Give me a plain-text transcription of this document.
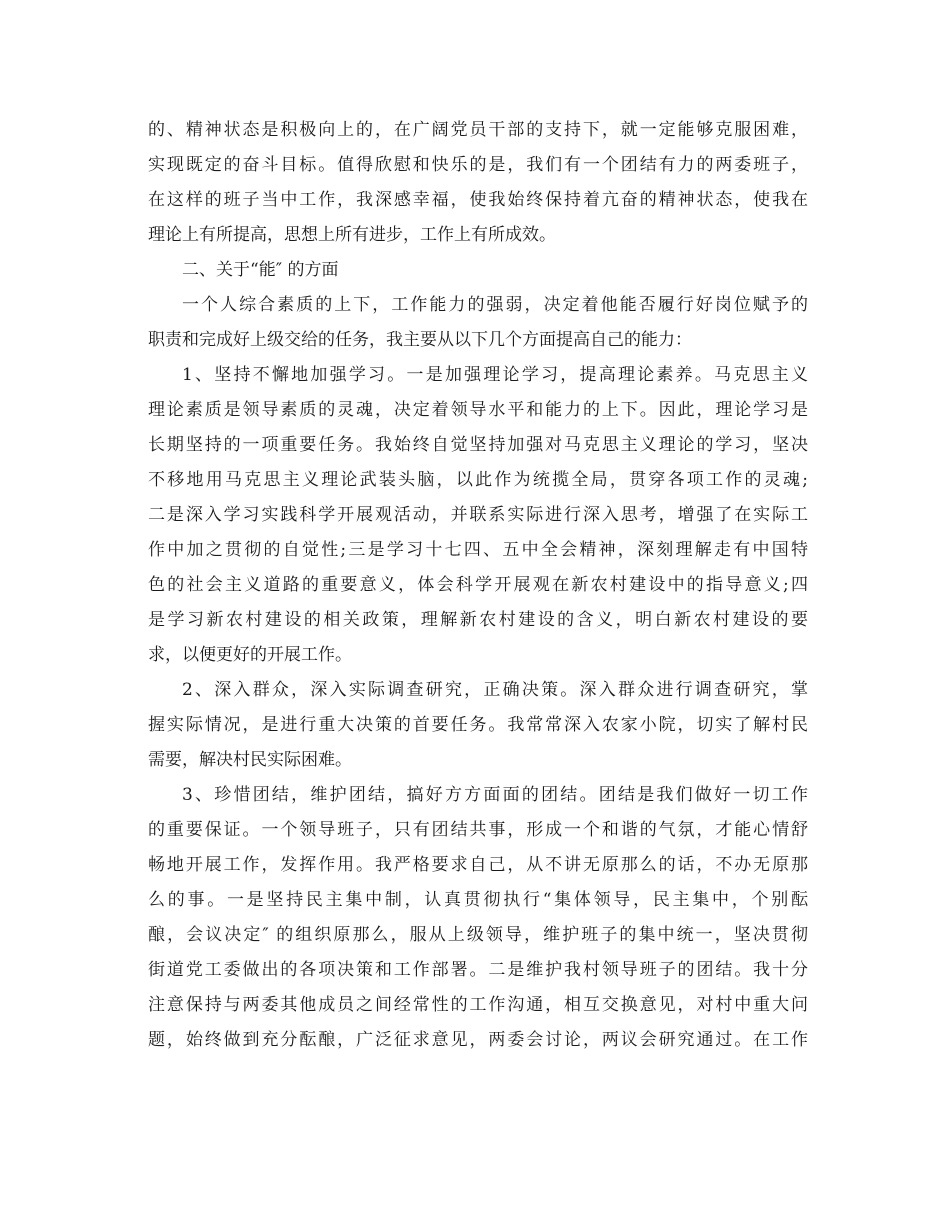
的、精神状态是积极向上的，在广阔党员干部的支持下，就一定能够克服困难，
实现既定的奋斗目标。值得欣慰和快乐的是，我们有一个团结有力的两委班子，
在这样的班子当中工作，我深感幸福，使我始终保持着亢奋的精神状态，使我在
理论上有所提高，思想上所有进步，工作上有所成效。
二、关于“能″ 的方面
一个人综合素质的上下，工作能力的强弱，决定着他能否履行好岗位赋予的
职责和完成好上级交给的任务，我主要从以下几个方面提高自己的能力：
1、坚持不懈地加强学习。一是加强理论学习，提高理论素养。马克思主义
理论素质是领导素质的灵魂，决定着领导水平和能力的上下。因此，理论学习是
长期坚持的一项重要任务。我始终自觉坚持加强对马克思主义理论的学习，坚决
不移地用马克思主义理论武装头脑，以此作为统揽全局，贯穿各项工作的灵魂;
二是深入学习实践科学开展观活动，并联系实际进行深入思考，增强了在实际工
作中加之贯彻的自觉性;三是学习十七四、五中全会精神，深刻理解走有中国特
色的社会主义道路的重要意义，体会科学开展观在新农村建设中的指导意义;四
是学习新农村建设的相关政策，理解新农村建设的含义，明白新农村建设的要
求，以便更好的开展工作。
2、深入群众，深入实际调查研究，正确决策。深入群众进行调查研究，掌
握实际情况，是进行重大决策的首要任务。我常常深入农家小院，切实了解村民
需要，解决村民实际困难。
3、珍惜团结，维护团结，搞好方方面面的团结。团结是我们做好一切工作
的重要保证。一个领导班子，只有团结共事，形成一个和谐的气氛，才能心情舒
畅地开展工作，发挥作用。我严格要求自己，从不讲无原那么的话，不办无原那
么的事。一是坚持民主集中制，认真贯彻执行“集体领导，民主集中，个别酝
酿，会议决定″ 的组织原那么，服从上级领导，维护班子的集中统一，坚决贯彻
街道党工委做出的各项决策和工作部署。二是维护我村领导班子的团结。我十分
注意保持与两委其他成员之间经常性的工作沟通，相互交换意见，对村中重大问
题，始终做到充分酝酿，广泛征求意见，两委会讨论，两议会研究通过。在工作
